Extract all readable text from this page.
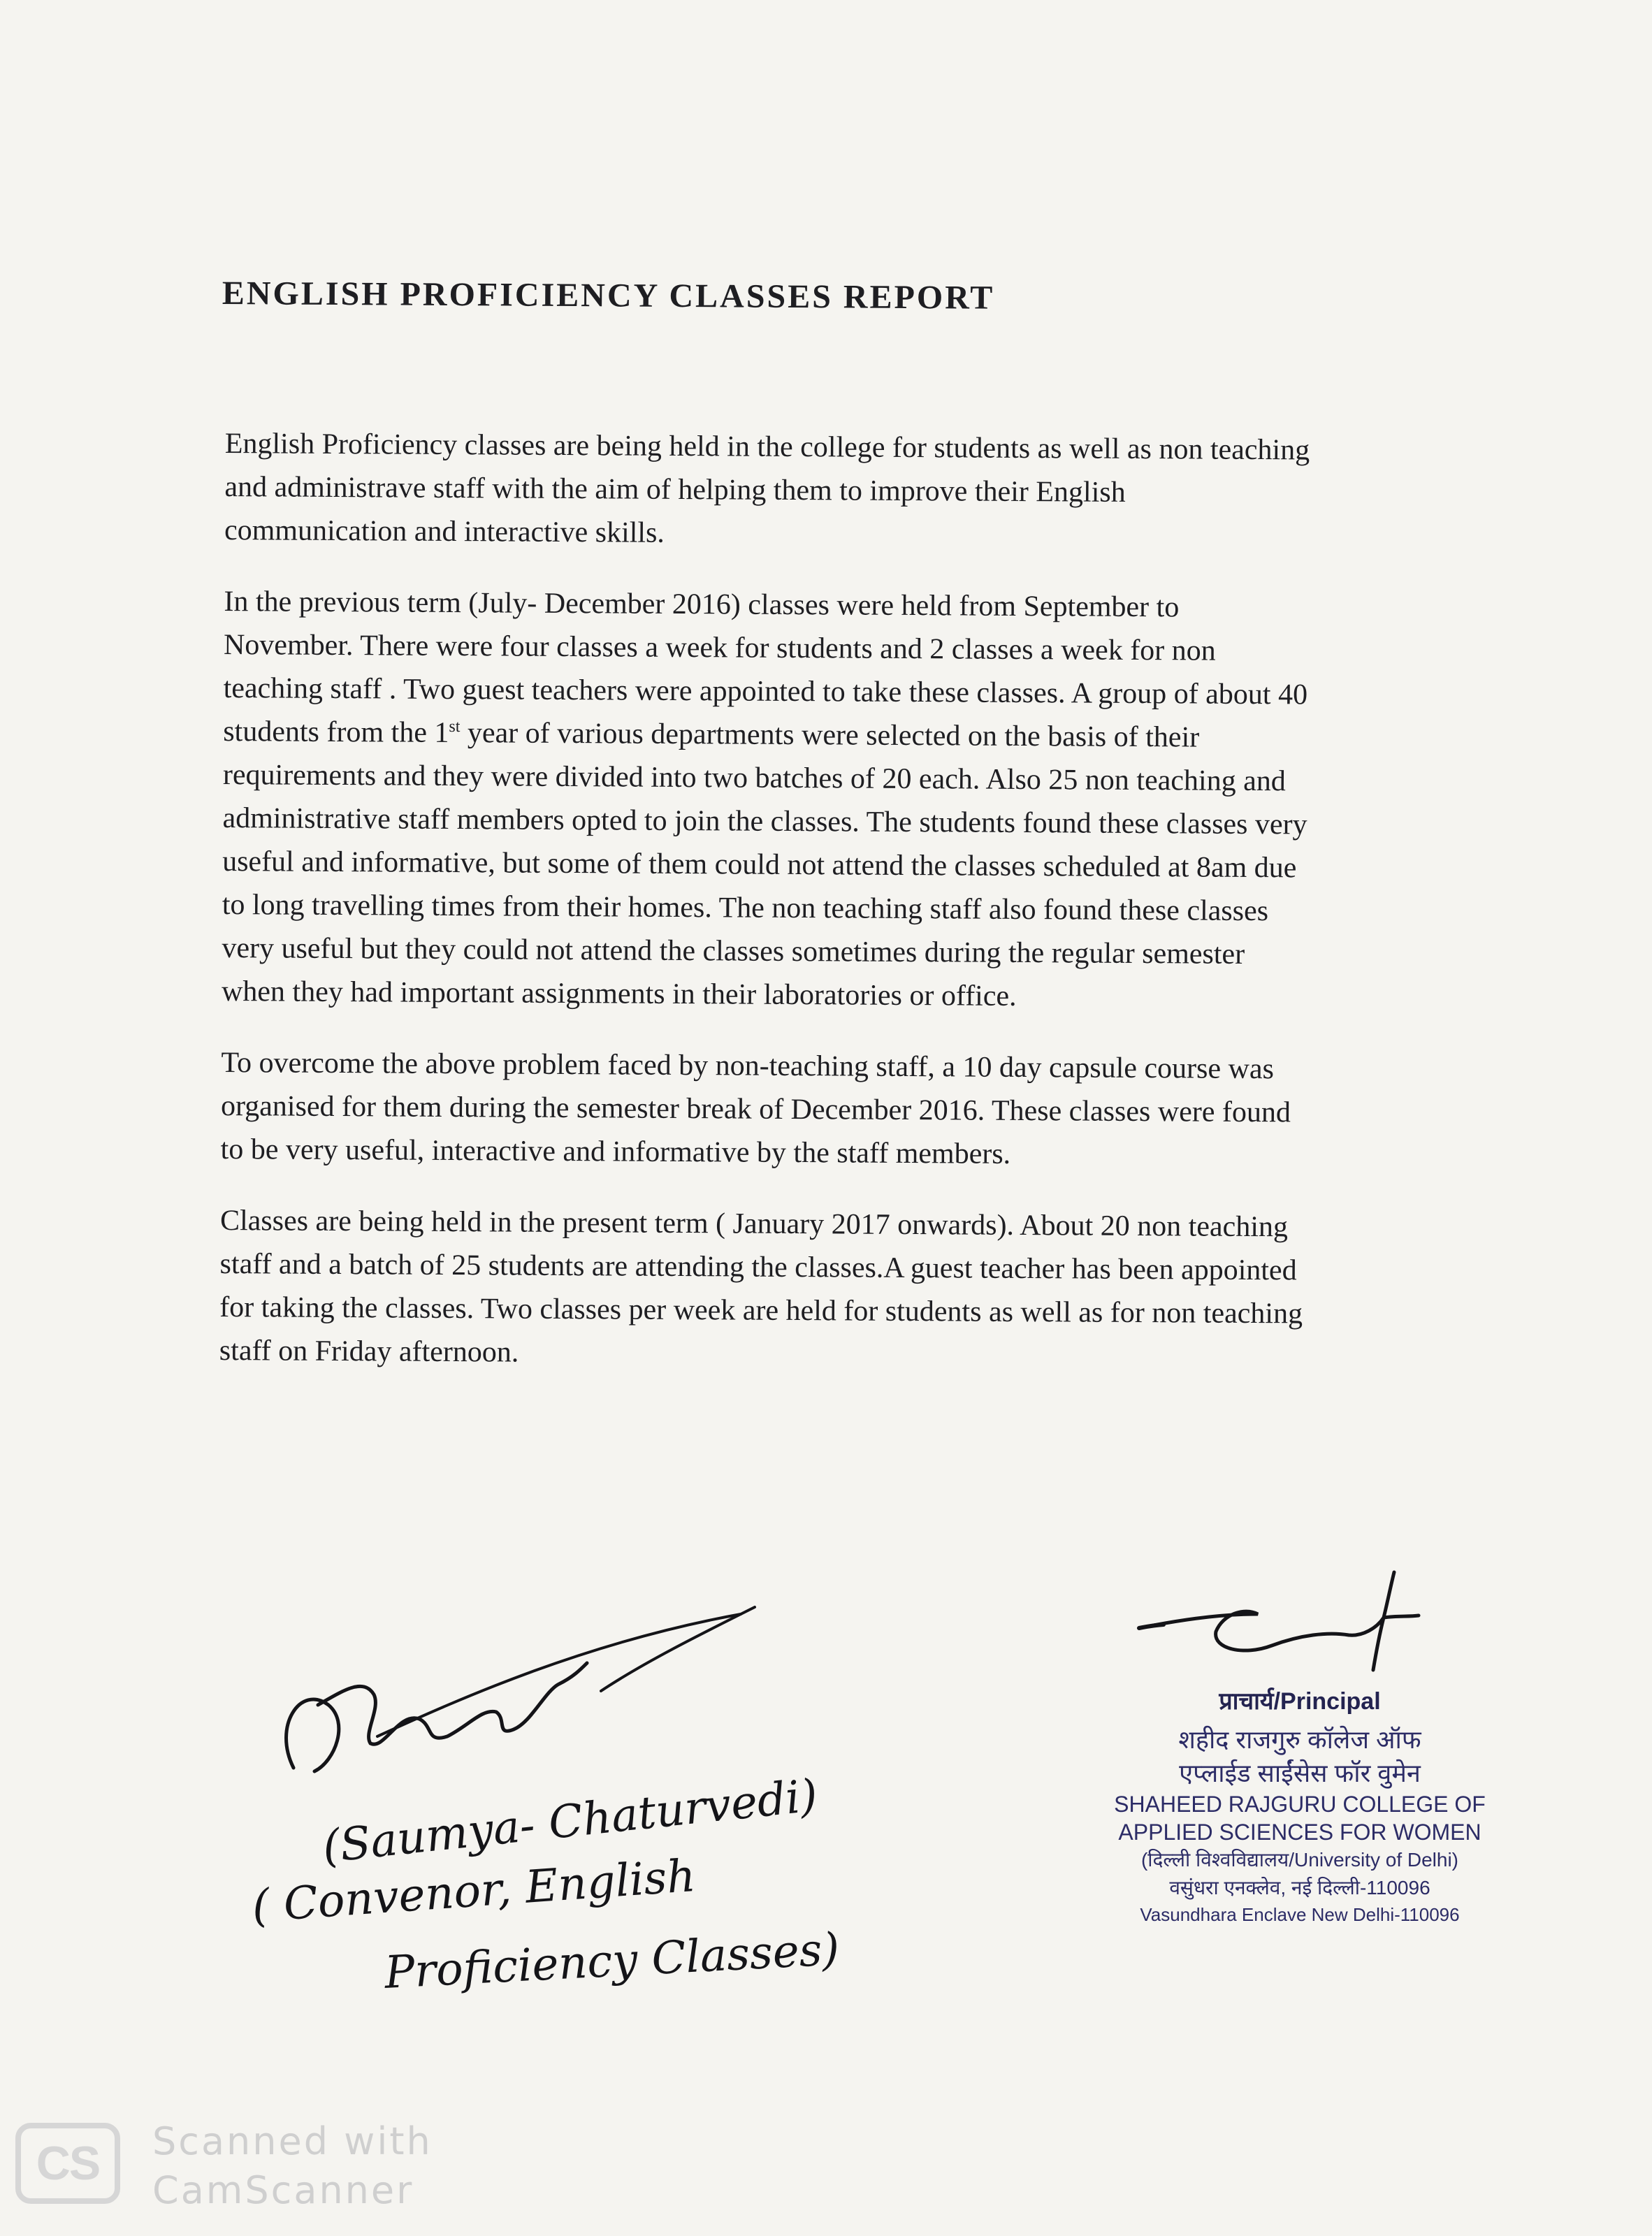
ENGLISH PROFICIENCY CLASSES REPORT

English Proficiency classes are being held in the college for students as well as non teaching
and administrave staff with the aim of helping them to improve their English
communication and interactive skills.

In the previous term (July- December 2016) classes were held from September to
November. There were four classes a week for students and 2 classes a week for non
teaching staff . Two guest teachers were appointed to take these classes. A group of about 40
students from the 1st year of various departments were selected on the basis of their
requirements and they were divided into two batches of 20 each. Also 25 non teaching and
administrative staff members opted to join the classes. The students found these classes very
useful and informative, but some of them could not attend the classes scheduled at 8am due
to long travelling times from their homes. The non teaching staff also found these classes
very useful but they could not attend the classes sometimes during the regular semester
when they had important assignments in their laboratories or office.

To overcome the above problem faced by non-teaching staff, a 10 day capsule course was
organised for them during the semester break of December 2016. These classes were found
to be very useful, interactive and informative by the staff members.

Classes are being held in the present term ( January 2017 onwards). About 20 non teaching
staff and a batch of 25 students are attending the classes.A guest teacher has been appointed
for taking the classes. Two classes per week are held for students as well as for non teaching
staff on Friday afternoon.

(Saumya- Chaturvedi)
( Convenor, English
Proficiency Classes)
प्राचार्य/Principal
शहीद राजगुरु कॉलेज ऑफ
एप्लाईड साईंसेस फॉर वुमेन
SHAHEED RAJGURU COLLEGE OF
APPLIED SCIENCES FOR WOMEN
(दिल्ली विश्वविद्यालय/University of Delhi)
वसुंधरा एनक्लेव, नई दिल्ली-110096
Vasundhara Enclave New Delhi-110096
CS Scanned with
CamScanner
